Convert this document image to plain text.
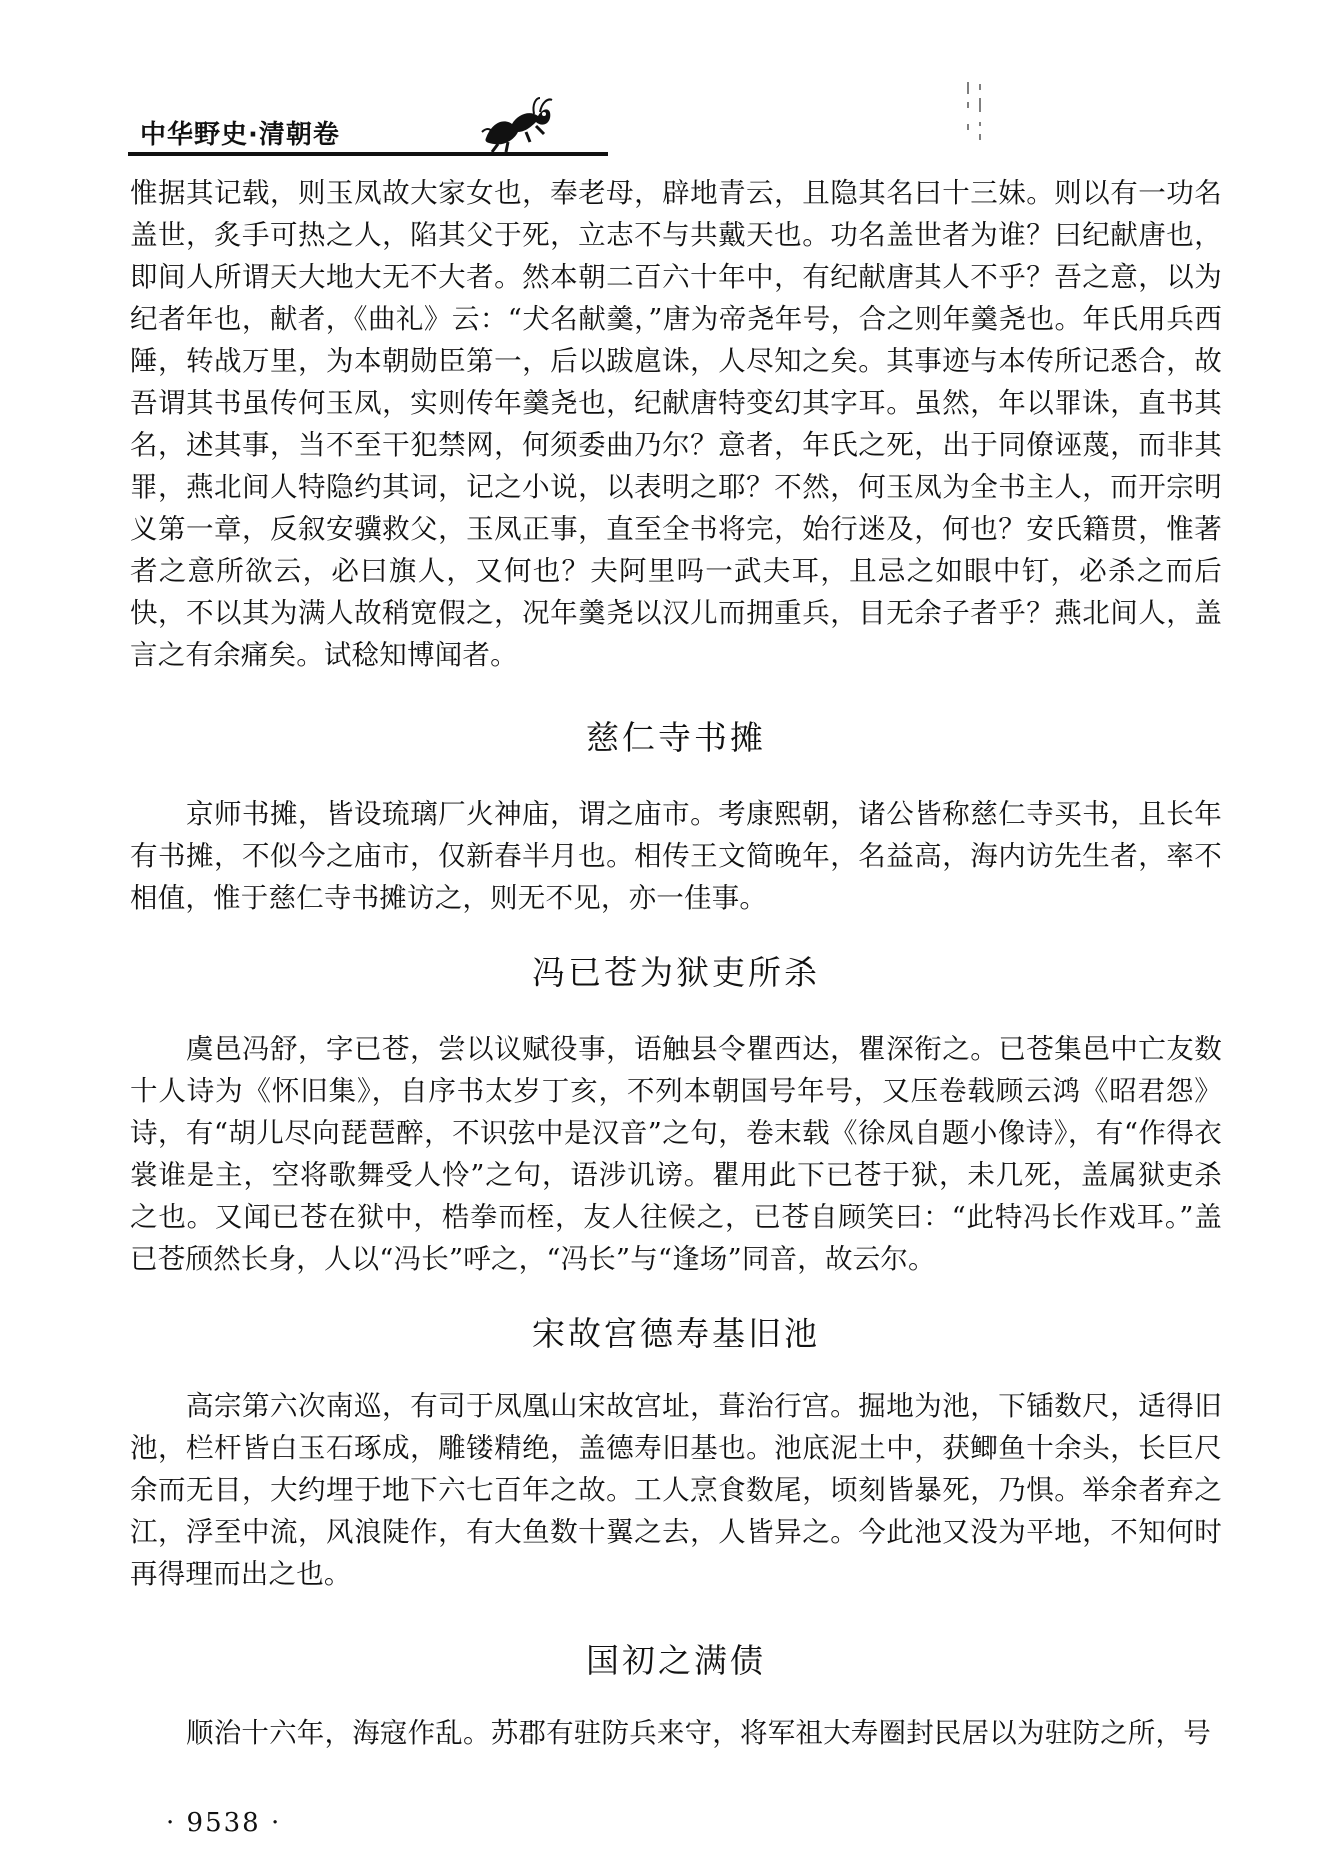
中华野史·清朝卷

惟据其记载，则玉凤故大家女也，奉老母，辟地青云，且隐其名曰十三妹。则以有一功名盖世，炙手可热之人，陷其父于死，立志不与共戴天也。功名盖世者为谁？曰纪献唐也，即间人所谓天大地大无不大者。然本朝二百六十年中，有纪献唐其人不乎？吾之意，以为纪者年也，献者，《曲礼》云：“犬名献羹，”唐为帝尧年号，合之则年羹尧也。年氏用兵西陲，转战万里，为本朝勋臣第一，后以跋扈诛，人尽知之矣。其事迹与本传所记悉合，故吾谓其书虽传何玉凤，实则传年羹尧也，纪献唐特变幻其字耳。虽然，年以罪诛，直书其名，述其事，当不至干犯禁网，何须委曲乃尔？意者，年氏之死，出于同僚诬蔑，而非其罪，燕北间人特隐约其词，记之小说，以表明之耶？不然，何玉凤为全书主人，而开宗明义第一章，反叙安骥救父，玉凤正事，直至全书将完，始行迷及，何也？安氏籍贯，惟著者之意所欲云，必曰旗人，又何也？夫阿里吗一武夫耳，且忌之如眼中钉，必杀之而后快，不以其为满人故稍宽假之，况年羹尧以汉儿而拥重兵，目无余子者乎？燕北间人，盖言之有余痛矣。试稔知博闻者。

慈仁寺书摊

京师书摊，皆设琉璃厂火神庙，谓之庙市。考康熙朝，诸公皆称慈仁寺买书，且长年有书摊，不似今之庙市，仅新春半月也。相传王文简晚年，名益高，海内访先生者，率不相值，惟于慈仁寺书摊访之，则无不见，亦一佳事。

冯已苍为狱吏所杀

虞邑冯舒，字已苍，尝以议赋役事，语触县令瞿西达，瞿深衔之。已苍集邑中亡友数十人诗为《怀旧集》，自序书太岁丁亥，不列本朝国号年号，又压卷载顾云鸿《昭君怨》诗，有“胡儿尽向琵琶醉，不识弦中是汉音”之句，卷末载《徐凤自题小像诗》，有“作得衣裳谁是主，空将歌舞受人怜”之句，语涉讥谤。瞿用此下已苍于狱，未几死，盖属狱吏杀之也。又闻已苍在狱中，梏拳而桎，友人往候之，已苍自顾笑曰：“此特冯长作戏耳。”盖已苍颀然长身，人以“冯长”呼之，“冯长”与“逢场”同音，故云尔。

宋故宫德寿基旧池

高宗第六次南巡，有司于凤凰山宋故宫址，葺治行宫。掘地为池，下锸数尺，适得旧池，栏杆皆白玉石琢成，雕镂精绝，盖德寿旧基也。池底泥土中，获鲫鱼十余头，长巨尺余而无目，大约埋于地下六七百年之故。工人烹食数尾，顷刻皆暴死，乃惧。举余者弃之江，浮至中流，风浪陡作，有大鱼数十翼之去，人皆异之。今此池又没为平地，不知何时再得理而出之也。

国初之满债

顺治十六年，海寇作乱。苏郡有驻防兵来守，将军祖大寿圈封民居以为驻防之所，号

· 9538 ·
